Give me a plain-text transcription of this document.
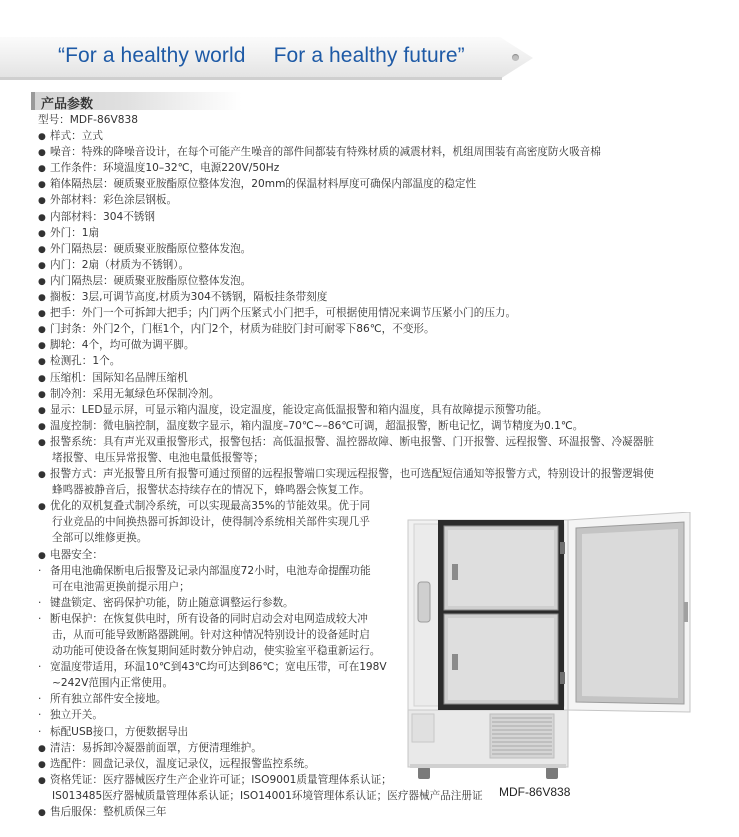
“For a healthy world For a healthy future”
产品参数
型号：MDF-86V838
● 样式：立式
● 噪音：特殊的降噪音设计，在每个可能产生噪音的部件间都装有特殊材质的减震材料，机组周围装有高密度防火吸音棉
● 工作条件：环境温度10–32℃，电源220V/50Hz
● 箱体隔热层：硬质聚亚胺酯原位整体发泡，20mm的保温材料厚度可确保内部温度的稳定性
● 外部材料：彩色涂层钢板。
● 内部材料：304不锈钢
● 外门：1扇
● 外门隔热层：硬质聚亚胺酯原位整体发泡。
● 内门：2扇（材质为不锈钢）。
● 内门隔热层：硬质聚亚胺酯原位整体发泡。
● 搁板：3层,可调节高度,材质为304不锈钢，隔板挂条带刻度
● 把手：外门一个可拆卸大把手；内门两个压紧式小门把手，可根据使用情况来调节压紧小门的压力。
● 门封条：外门2个，门框1个，内门2个，材质为硅胶门封可耐零下86℃，不变形。
● 脚轮：4个，均可做为调平脚。
● 检测孔：1个。
● 压缩机：国际知名品牌压缩机
● 制冷剂：采用无氟绿色环保制冷剂。
● 显示：LED显示屏，可显示箱内温度，设定温度，能设定高低温报警和箱内温度，具有故障提示预警功能。
● 温度控制：微电脑控制，温度数字显示，箱内温度–70℃~–86℃可调，超温报警，断电记忆，调节精度为0.1℃。
● 报警系统：具有声光双重报警形式，报警包括：高低温报警、温控器故障、断电报警、门开报警、远程报警、环温报警、冷凝器脏
堵报警、电压异常报警、电池电量低报警等；
● 报警方式：声光报警且所有报警可通过预留的远程报警端口实现远程报警，也可选配短信通知等报警方式，特别设计的报警逻辑使
蜂鸣器被静音后，报警状态持续存在的情况下，蜂鸣器会恢复工作。
● 优化的双机复叠式制冷系统，可以实现最高35%的节能效果。优于同
行业竞品的中间换热器可拆卸设计，使得制冷系统相关部件实现几乎
全部可以维修更换。
● 电器安全：
· 备用电池确保断电后报警及记录内部温度72小时，电池寿命提醒功能
可在电池需更换前提示用户；
· 键盘锁定、密码保护功能，防止随意调整运行参数。
· 断电保护：在恢复供电时，所有设备的同时启动会对电网造成较大冲
击，从而可能导致断路器跳闸。针对这种情况特别设计的设备延时启
动功能可使设备在恢复期间延时数分钟启动，使实验室平稳重新运行。
· 宽温度带适用，环温10℃到43℃均可达到86℃；宽电压带，可在198V
~242V范围内正常使用。
· 所有独立部件安全接地。
· 独立开关。
· 标配USB接口，方便数据导出
● 清洁：易拆卸冷凝器前面罩，方便清理维护。
● 选配件：圆盘记录仪，温度记录仪，远程报警监控系统。
● 资格凭证：医疗器械医疗生产企业许可证；ISO9001质量管理体系认证；
IS013485医疗器械质量管理体系认证；ISO14001环境管理体系认证；医疗器械产品注册证
● 售后服保：整机质保三年
MDF-86V838
